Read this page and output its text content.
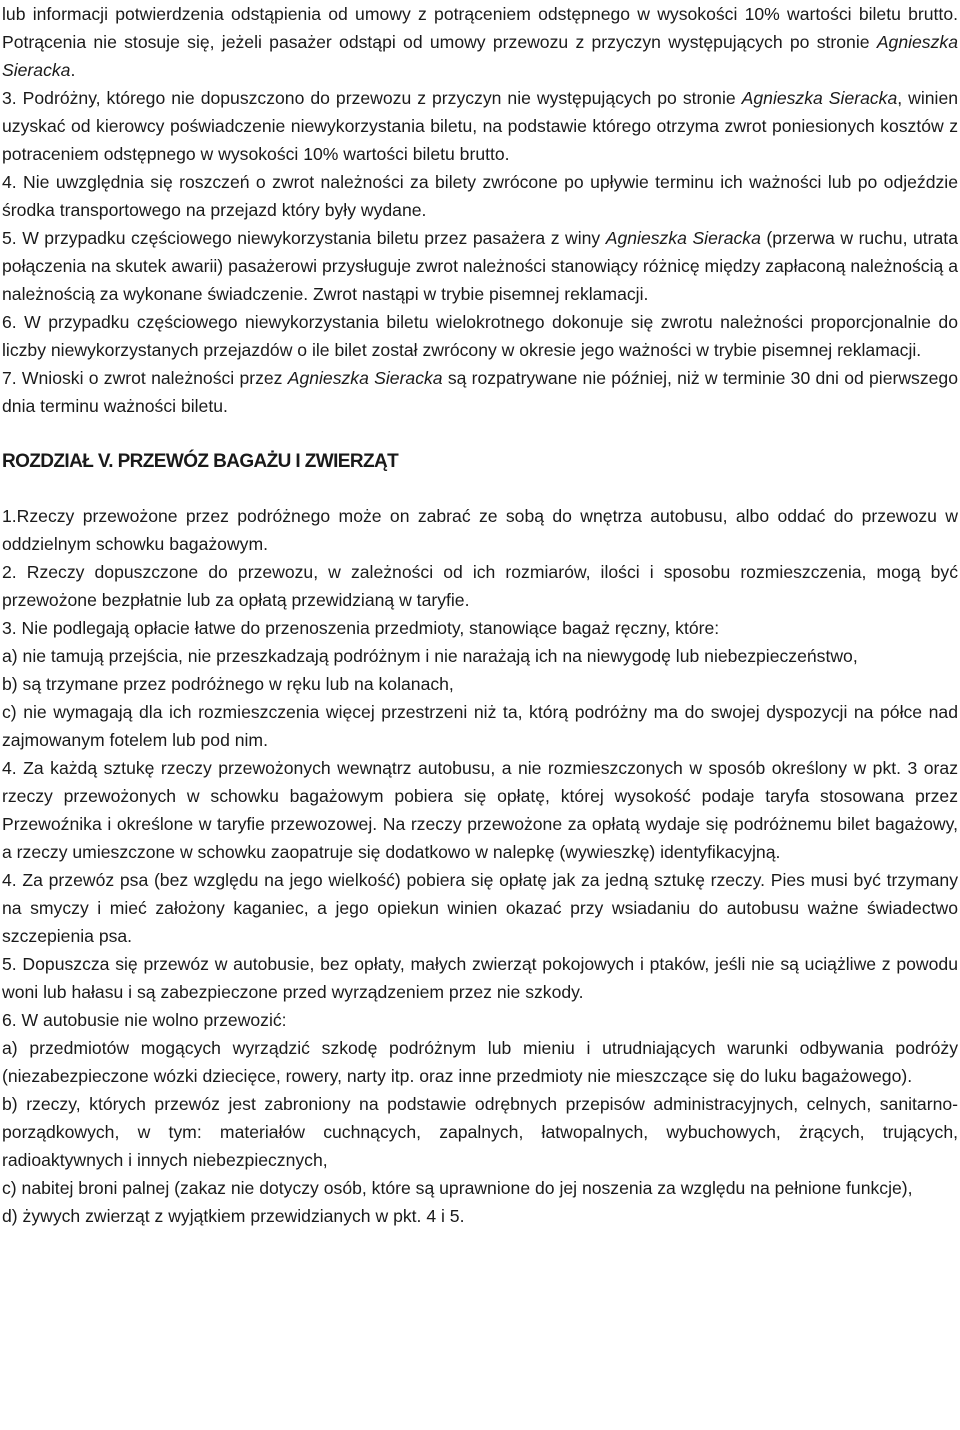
lub informacji potwierdzenia odstąpienia od umowy z potrąceniem odstępnego w wysokości 10% wartości biletu brutto. Potrącenia nie stosuje się, jeżeli pasażer odstąpi od umowy przewozu z przyczyn występujących po stronie Agnieszka Sieracka.

3. Podróżny, którego nie dopuszczono do przewozu z przyczyn nie występujących po stronie Agnieszka Sieracka, winien uzyskać od kierowcy poświadczenie niewykorzystania biletu, na podstawie którego otrzyma zwrot poniesionych kosztów z potraceniem odstępnego w wysokości 10% wartości biletu brutto.

4. Nie uwzględnia się roszczeń o zwrot należności za bilety zwrócone po upływie terminu ich ważności lub po odjeździe środka transportowego na przejazd który były wydane.

5. W przypadku częściowego niewykorzystania biletu przez pasażera z winy Agnieszka Sieracka (przerwa w ruchu, utrata połączenia na skutek awarii) pasażerowi przysługuje zwrot należności stanowiący różnicę między zapłaconą należnością a należnością za wykonane świadczenie. Zwrot nastąpi w trybie pisemnej reklamacji.

6. W przypadku częściowego niewykorzystania biletu wielokrotnego dokonuje się zwrotu należności proporcjonalnie do liczby niewykorzystanych przejazdów o ile bilet został zwrócony w okresie jego ważności w trybie pisemnej reklamacji.

7. Wnioski o zwrot należności przez Agnieszka Sieracka są rozpatrywane nie później, niż w terminie 30 dni od pierwszego dnia terminu ważności biletu.

ROZDZIAŁ V. PRZEWÓZ BAGAŻU I ZWIERZĄT

1.Rzeczy przewożone przez podróżnego może on zabrać ze sobą do wnętrza autobusu, albo oddać do przewozu w oddzielnym schowku bagażowym.

2. Rzeczy dopuszczone do przewozu, w zależności od ich rozmiarów, ilości i sposobu rozmieszczenia, mogą być przewożone bezpłatnie lub za opłatą przewidzianą w taryfie.

3. Nie podlegają opłacie łatwe do przenoszenia przedmioty, stanowiące bagaż ręczny, które:

a) nie tamują przejścia, nie przeszkadzają podróżnym i nie narażają ich na niewygodę lub niebezpieczeństwo,

b) są trzymane przez podróżnego w ręku lub na kolanach,

c) nie wymagają dla ich rozmieszczenia więcej przestrzeni niż ta, którą podróżny ma do swojej dyspozycji na półce nad zajmowanym fotelem lub pod nim.

4. Za każdą sztukę rzeczy przewożonych wewnątrz autobusu, a nie rozmieszczonych w sposób określony w pkt. 3 oraz rzeczy przewożonych w schowku bagażowym pobiera się opłatę, której wysokość podaje taryfa stosowana przez Przewoźnika i określone w taryfie przewozowej. Na rzeczy przewożone za opłatą wydaje się podróżnemu bilet bagażowy, a rzeczy umieszczone w schowku zaopatruje się dodatkowo w nalepkę (wywieszkę) identyfikacyjną.

4. Za przewóz psa (bez względu na jego wielkość) pobiera się opłatę jak za jedną sztukę rzeczy. Pies musi być trzymany na smyczy i mieć założony kaganiec, a jego opiekun winien okazać przy wsiadaniu do autobusu ważne świadectwo szczepienia psa.

5. Dopuszcza się przewóz w autobusie, bez opłaty, małych zwierząt pokojowych i ptaków, jeśli nie są uciążliwe z powodu woni lub hałasu i są zabezpieczone przed wyrządzeniem przez nie szkody.

6. W autobusie nie wolno przewozić:

a) przedmiotów mogących wyrządzić szkodę podróżnym lub mieniu i utrudniających warunki odbywania podróży (niezabezpieczone wózki dziecięce, rowery, narty itp. oraz inne przedmioty nie mieszczące się do luku bagażowego).

b) rzeczy, których przewóz jest zabroniony na podstawie odrębnych przepisów administracyjnych, celnych, sanitarno-porządkowych, w tym: materiałów cuchnących, zapalnych, łatwopalnych, wybuchowych, żrących, trujących, radioaktywnych i innych niebezpiecznych,

c) nabitej broni palnej (zakaz nie dotyczy osób, które są uprawnione do jej noszenia za względu na pełnione funkcje),

d) żywych zwierząt z wyjątkiem przewidzianych w pkt. 4 i 5.
